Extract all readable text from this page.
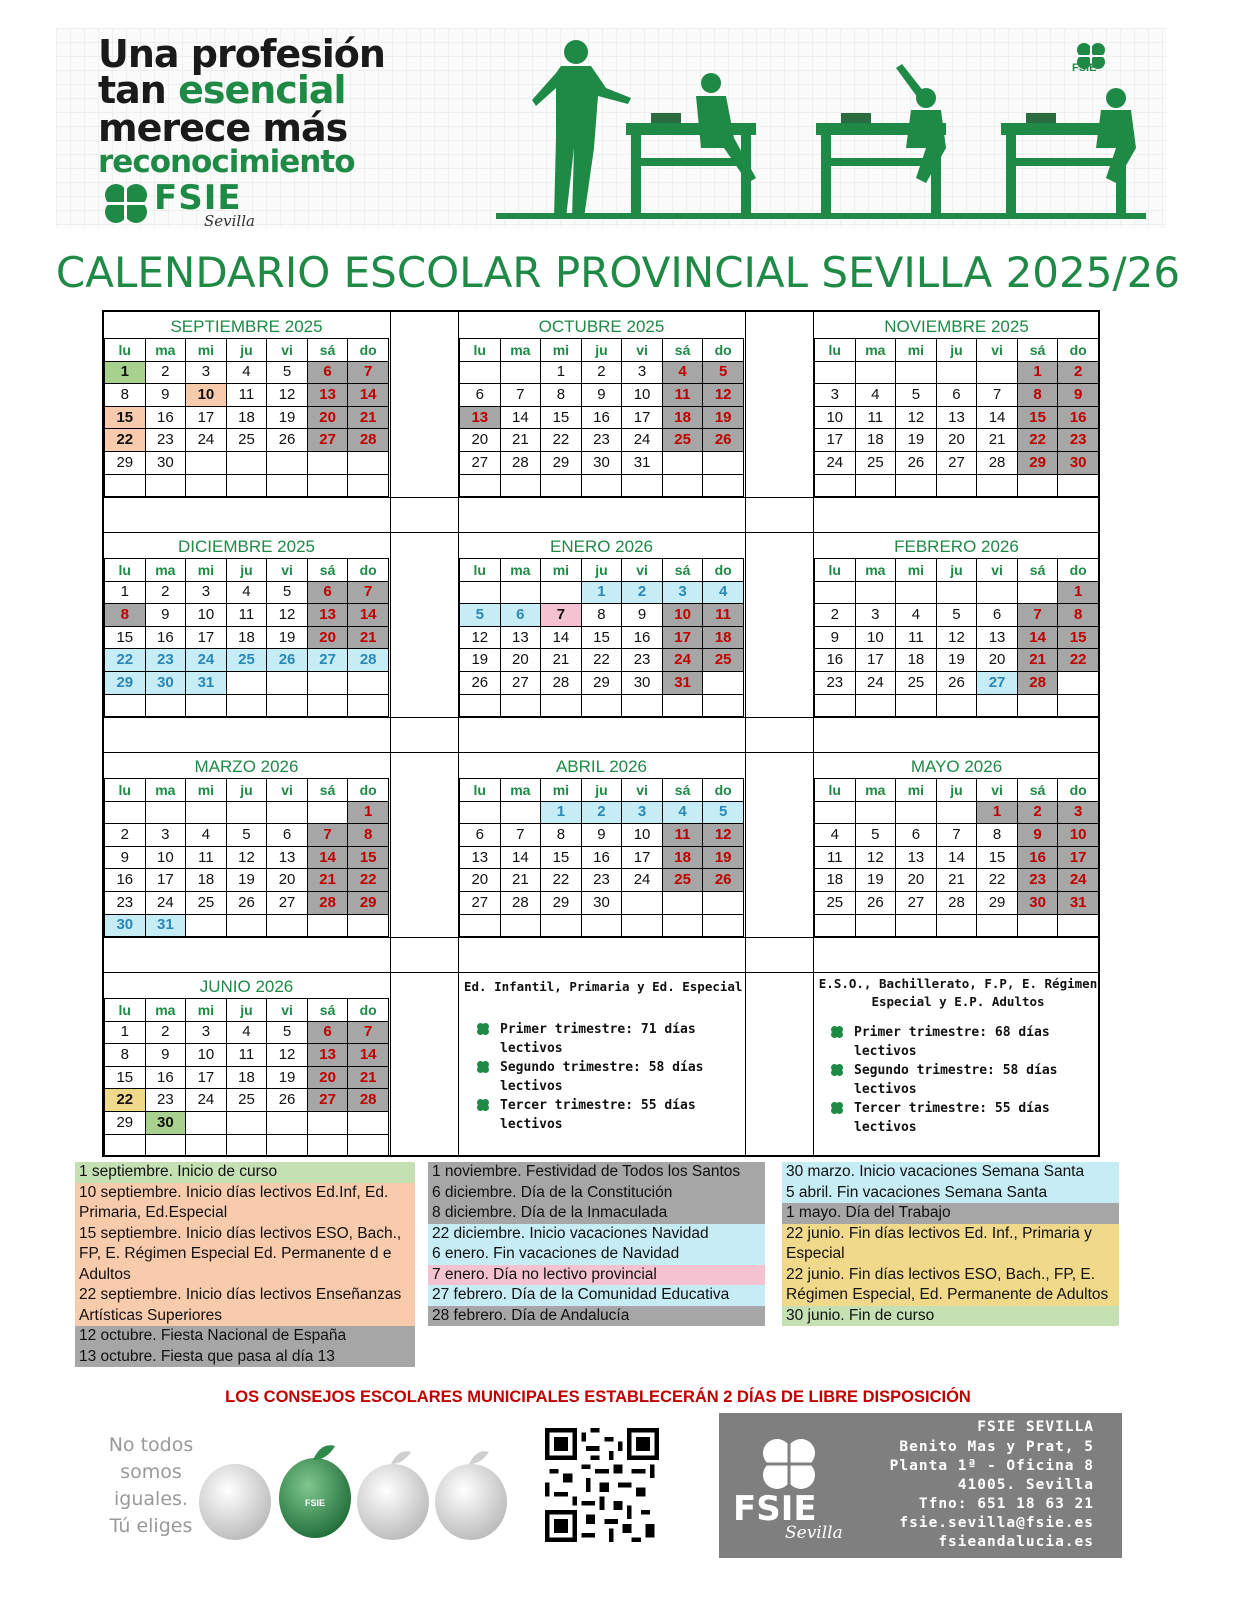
Una profesión
tan esencial
merece más
reconocimiento
FSIE
Sevilla
FSIE
CALENDARIO ESCOLAR PROVINCIAL SEVILLA 2025/26
SEPTIEMBRE 2025
lu	ma	mi	ju	vi	sá	do
1	2	3	4	5	6	7
8	9	10	11	12	13	14
15	16	17	18	19	20	21
22	23	24	25	26	27	28
29	30					

OCTUBRE 2025
lu	ma	mi	ju	vi	sá	do
		1	2	3	4	5
6	7	8	9	10	11	12
13	14	15	16	17	18	19
20	21	22	23	24	25	26
27	28	29	30	31		

NOVIEMBRE 2025
lu	ma	mi	ju	vi	sá	do
					1	2
3	4	5	6	7	8	9
10	11	12	13	14	15	16
17	18	19	20	21	22	23
24	25	26	27	28	29	30

DICIEMBRE 2025
lu	ma	mi	ju	vi	sá	do
1	2	3	4	5	6	7
8	9	10	11	12	13	14
15	16	17	18	19	20	21
22	23	24	25	26	27	28
29	30	31				

ENERO 2026
lu	ma	mi	ju	vi	sá	do
			1	2	3	4
5	6	7	8	9	10	11
12	13	14	15	16	17	18
19	20	21	22	23	24	25
26	27	28	29	30	31	

FEBRERO 2026
lu	ma	mi	ju	vi	sá	do
						1
2	3	4	5	6	7	8
9	10	11	12	13	14	15
16	17	18	19	20	21	22
23	24	25	26	27	28	

MARZO 2026
lu	ma	mi	ju	vi	sá	do
						1
2	3	4	5	6	7	8
9	10	11	12	13	14	15
16	17	18	19	20	21	22
23	24	25	26	27	28	29
30	31					
ABRIL 2026
lu	ma	mi	ju	vi	sá	do
		1	2	3	4	5
6	7	8	9	10	11	12
13	14	15	16	17	18	19
20	21	22	23	24	25	26
27	28	29	30			

MAYO 2026
lu	ma	mi	ju	vi	sá	do
				1	2	3
4	5	6	7	8	9	10
11	12	13	14	15	16	17
18	19	20	21	22	23	24
25	26	27	28	29	30	31

JUNIO 2026
lu	ma	mi	ju	vi	sá	do
1	2	3	4	5	6	7
8	9	10	11	12	13	14
15	16	17	18	19	20	21
22	23	24	25	26	27	28
29	30					

Ed. Infantil, Primaria y Ed. Especial
Primer trimestre: 71 días lectivos
Segundo trimestre: 58 días lectivos
Tercer trimestre: 55 días lectivos
E.S.O., Bachillerato, F.P, E. Régimen
Especial y E.P. Adultos
Primer trimestre: 68 días lectivos
Segundo trimestre: 58 días lectivos
Tercer trimestre: 55 días lectivos
1 septiembre. Inicio de curso
10 septiembre. Inicio días lectivos Ed.Inf, Ed. Primaria, Ed.Especial
15 septiembre. Inicio días lectivos ESO, Bach., FP, E. Régimen Especial Ed. Permanente d e Adultos
22 septiembre. Inicio días lectivos Enseñanzas Artísticas Superiores
12 octubre. Fiesta Nacional de España
13 octubre. Fiesta que pasa al día 13
1 noviembre. Festividad de Todos los Santos
6 diciembre. Día de la Constitución
8 diciembre. Día de la Inmaculada
22 diciembre. Inicio vacaciones Navidad
6 enero. Fin vacaciones de Navidad
7 enero. Día no lectivo provincial
27 febrero. Día de la Comunidad Educativa
28 febrero. Día de Andalucía
30 marzo. Inicio vacaciones Semana Santa
5 abril. Fin vacaciones Semana Santa
1 mayo. Día del Trabajo
22 junio. Fin días lectivos Ed. Inf., Primaria y Especial
22 junio. Fin días lectivos ESO, Bach., FP, E. Régimen Especial, Ed. Permanente de Adultos
30 junio. Fin de curso
LOS CONSEJOS ESCOLARES MUNICIPALES ESTABLECERÁN 2 DÍAS DE LIBRE DISPOSICIÓN
No todos
somos
iguales.
Tú eliges
FSIE	FSIE
Sevilla
FSIE SEVILLA
Benito Mas y Prat, 5
Planta 1ª - Oficina 8
41005. Sevilla
Tfno: 651 18 63 21
fsie.sevilla@fsie.es
fsieandalucia.es
